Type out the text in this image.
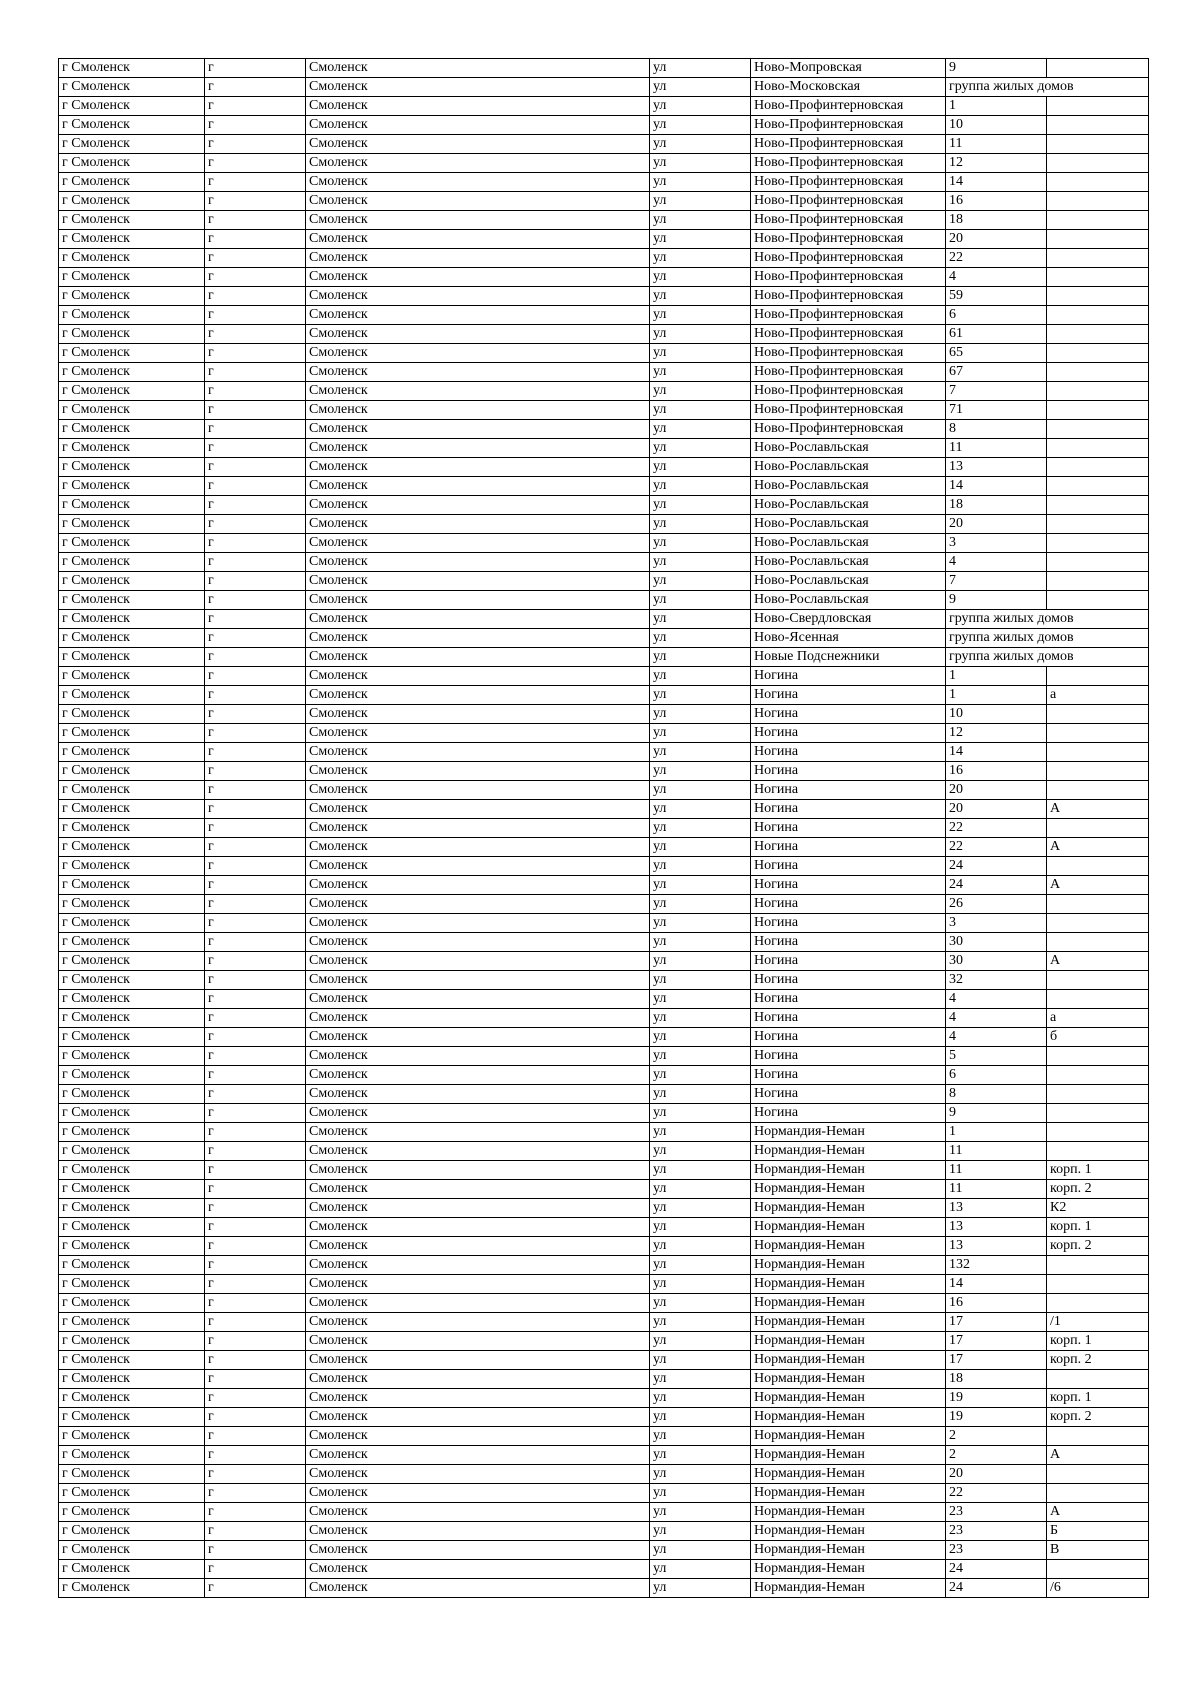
г Смоленск	г	Смоленск	ул	Ново-Мопровская	9	
г Смоленск	г	Смоленск	ул	Ново-Московская	группа жилых домов	
г Смоленск	г	Смоленск	ул	Ново-Профинтерновская	1	
г Смоленск	г	Смоленск	ул	Ново-Профинтерновская	10	
г Смоленск	г	Смоленск	ул	Ново-Профинтерновская	11	
г Смоленск	г	Смоленск	ул	Ново-Профинтерновская	12	
г Смоленск	г	Смоленск	ул	Ново-Профинтерновская	14	
г Смоленск	г	Смоленск	ул	Ново-Профинтерновская	16	
г Смоленск	г	Смоленск	ул	Ново-Профинтерновская	18	
г Смоленск	г	Смоленск	ул	Ново-Профинтерновская	20	
г Смоленск	г	Смоленск	ул	Ново-Профинтерновская	22	
г Смоленск	г	Смоленск	ул	Ново-Профинтерновская	4	
г Смоленск	г	Смоленск	ул	Ново-Профинтерновская	59	
г Смоленск	г	Смоленск	ул	Ново-Профинтерновская	6	
г Смоленск	г	Смоленск	ул	Ново-Профинтерновская	61	
г Смоленск	г	Смоленск	ул	Ново-Профинтерновская	65	
г Смоленск	г	Смоленск	ул	Ново-Профинтерновская	67	
г Смоленск	г	Смоленск	ул	Ново-Профинтерновская	7	
г Смоленск	г	Смоленск	ул	Ново-Профинтерновская	71	
г Смоленск	г	Смоленск	ул	Ново-Профинтерновская	8	
г Смоленск	г	Смоленск	ул	Ново-Рославльская	11	
г Смоленск	г	Смоленск	ул	Ново-Рославльская	13	
г Смоленск	г	Смоленск	ул	Ново-Рославльская	14	
г Смоленск	г	Смоленск	ул	Ново-Рославльская	18	
г Смоленск	г	Смоленск	ул	Ново-Рославльская	20	
г Смоленск	г	Смоленск	ул	Ново-Рославльская	3	
г Смоленск	г	Смоленск	ул	Ново-Рославльская	4	
г Смоленск	г	Смоленск	ул	Ново-Рославльская	7	
г Смоленск	г	Смоленск	ул	Ново-Рославльская	9	
г Смоленск	г	Смоленск	ул	Ново-Свердловская	группа жилых домов	
г Смоленск	г	Смоленск	ул	Ново-Ясенная	группа жилых домов	
г Смоленск	г	Смоленск	ул	Новые Подснежники	группа жилых домов	
г Смоленск	г	Смоленск	ул	Ногина	1	
г Смоленск	г	Смоленск	ул	Ногина	1	а
г Смоленск	г	Смоленск	ул	Ногина	10	
г Смоленск	г	Смоленск	ул	Ногина	12	
г Смоленск	г	Смоленск	ул	Ногина	14	
г Смоленск	г	Смоленск	ул	Ногина	16	
г Смоленск	г	Смоленск	ул	Ногина	20	
г Смоленск	г	Смоленск	ул	Ногина	20	А
г Смоленск	г	Смоленск	ул	Ногина	22	
г Смоленск	г	Смоленск	ул	Ногина	22	А
г Смоленск	г	Смоленск	ул	Ногина	24	
г Смоленск	г	Смоленск	ул	Ногина	24	А
г Смоленск	г	Смоленск	ул	Ногина	26	
г Смоленск	г	Смоленск	ул	Ногина	3	
г Смоленск	г	Смоленск	ул	Ногина	30	
г Смоленск	г	Смоленск	ул	Ногина	30	А
г Смоленск	г	Смоленск	ул	Ногина	32	
г Смоленск	г	Смоленск	ул	Ногина	4	
г Смоленск	г	Смоленск	ул	Ногина	4	а
г Смоленск	г	Смоленск	ул	Ногина	4	б
г Смоленск	г	Смоленск	ул	Ногина	5	
г Смоленск	г	Смоленск	ул	Ногина	6	
г Смоленск	г	Смоленск	ул	Ногина	8	
г Смоленск	г	Смоленск	ул	Ногина	9	
г Смоленск	г	Смоленск	ул	Нормандия-Неман	1	
г Смоленск	г	Смоленск	ул	Нормандия-Неман	11	
г Смоленск	г	Смоленск	ул	Нормандия-Неман	11	корп. 1
г Смоленск	г	Смоленск	ул	Нормандия-Неман	11	корп. 2
г Смоленск	г	Смоленск	ул	Нормандия-Неман	13	К2
г Смоленск	г	Смоленск	ул	Нормандия-Неман	13	корп. 1
г Смоленск	г	Смоленск	ул	Нормандия-Неман	13	корп. 2
г Смоленск	г	Смоленск	ул	Нормандия-Неман	132	
г Смоленск	г	Смоленск	ул	Нормандия-Неман	14	
г Смоленск	г	Смоленск	ул	Нормандия-Неман	16	
г Смоленск	г	Смоленск	ул	Нормандия-Неман	17	/1
г Смоленск	г	Смоленск	ул	Нормандия-Неман	17	корп. 1
г Смоленск	г	Смоленск	ул	Нормандия-Неман	17	корп. 2
г Смоленск	г	Смоленск	ул	Нормандия-Неман	18	
г Смоленск	г	Смоленск	ул	Нормандия-Неман	19	корп. 1
г Смоленск	г	Смоленск	ул	Нормандия-Неман	19	корп. 2
г Смоленск	г	Смоленск	ул	Нормандия-Неман	2	
г Смоленск	г	Смоленск	ул	Нормандия-Неман	2	А
г Смоленск	г	Смоленск	ул	Нормандия-Неман	20	
г Смоленск	г	Смоленск	ул	Нормандия-Неман	22	
г Смоленск	г	Смоленск	ул	Нормандия-Неман	23	А
г Смоленск	г	Смоленск	ул	Нормандия-Неман	23	Б
г Смоленск	г	Смоленск	ул	Нормандия-Неман	23	В
г Смоленск	г	Смоленск	ул	Нормандия-Неман	24	
г Смоленск	г	Смоленск	ул	Нормандия-Неман	24	/6
